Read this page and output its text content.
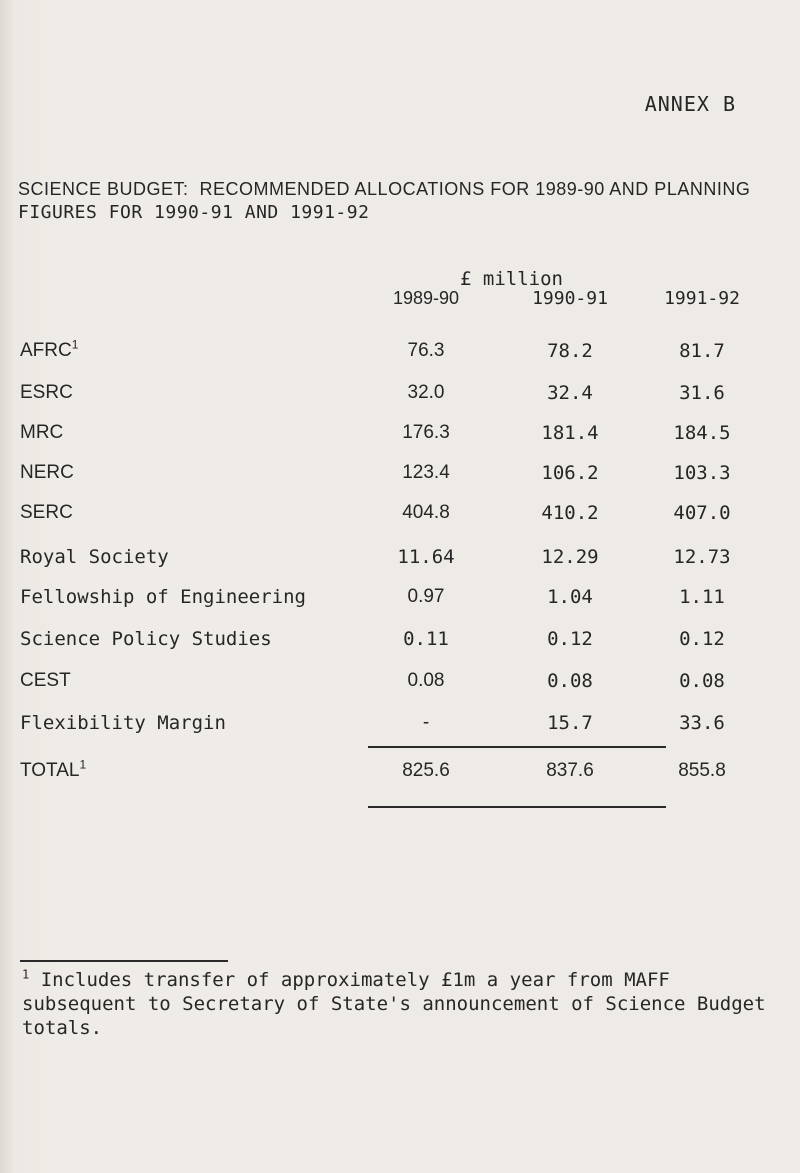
ANNEX B
SCIENCE BUDGET:  RECOMMENDED ALLOCATIONS FOR 1989-90 AND PLANNING
FIGURES FOR 1990-91 AND 1991-92
£ million
1989-90	1990-91	1991-92
AFRC$^1$	76.3	78.2	81.7
ESRC	32.0	32.4	31.6
MRC	176.3	181.4	184.5
NERC	123.4	106.2	103.3
SERC	404.8	410.2	407.0
Royal Society	11.64	12.29	12.73
Fellowship of Engineering	0.97	1.04	1.11
Science Policy Studies	0.11	0.12	0.12
CEST	0.08	0.08	0.08
Flexibility Margin	-	15.7	33.6
TOTAL$^1$	825.6	837.6	855.8
$^1$ Includes transfer of approximately £1m a year from MAFF subsequent to Secretary of State's announcement of Science Budget totals.
